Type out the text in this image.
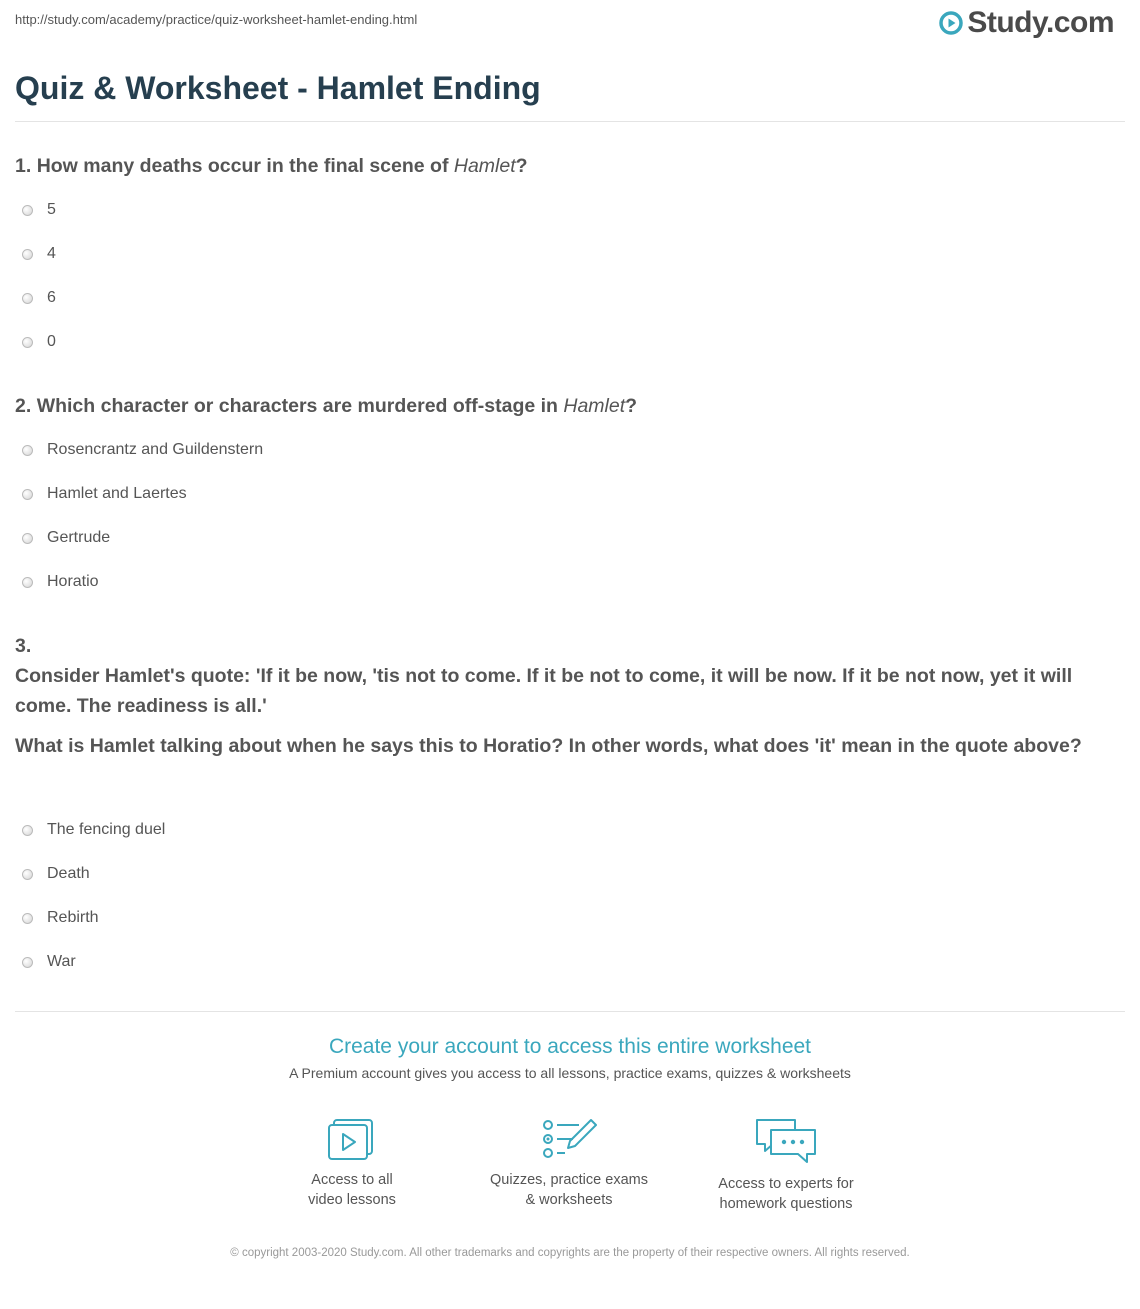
http://study.com/academy/practice/quiz-worksheet-hamlet-ending.html	Study.com
Quiz & Worksheet - Hamlet Ending

1. How many deaths occur in the final scene of Hamlet?

5
4
6
0

2. Which character or characters are murdered off-stage in Hamlet?

Rosencrantz and Guildenstern
Hamlet and Laertes
Gertrude
Horatio

3.

Consider Hamlet's quote: 'If it be now, 'tis not to come. If it be not to come, it will be now. If it be not now, yet it will come. The readiness is all.'

What is Hamlet talking about when he says this to Horatio? In other words, what does 'it' mean in the quote above?

The fencing duel
Death
Rebirth
War
Create your account to access this entire worksheet
A Premium account gives you access to all lessons, practice exams, quizzes & worksheets
Access to all
video lessons
Quizzes, practice exams
& worksheets
Access to experts for
homework questions
© copyright 2003-2020 Study.com. All other trademarks and copyrights are the property of their respective owners. All rights reserved.
